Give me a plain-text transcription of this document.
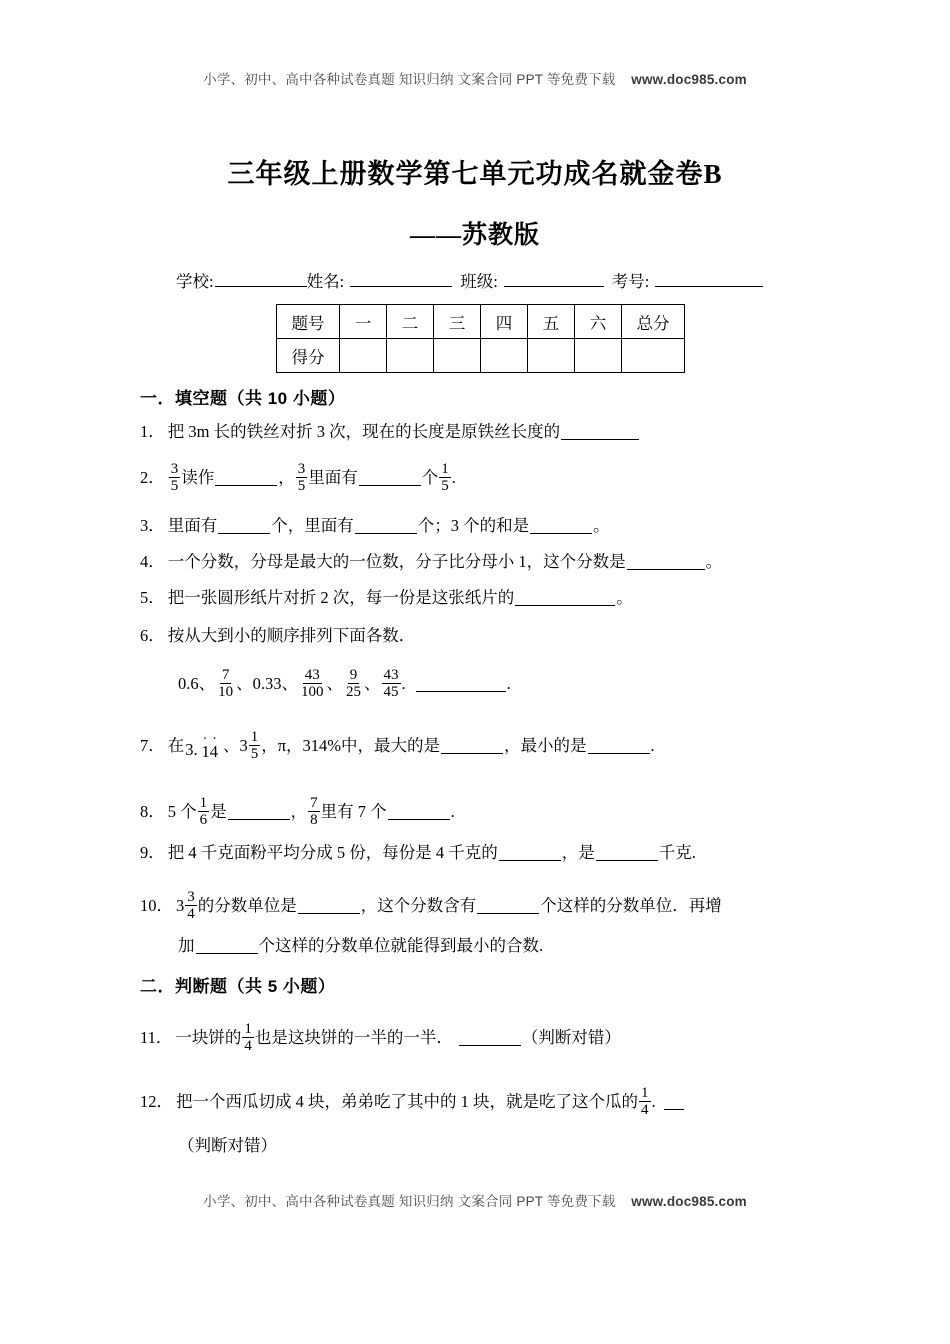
小学、初中、高中各种试卷真题 知识归纳 文案合同 PPT 等免费下载 www.doc985.com
三年级上册数学第七单元功成名就金卷B
——苏教版
学校:	姓名:	班级:	考号:
题号	一	二	三	四	五	六	总分
得分							
一．填空题（共 10 小题）
1． 把 3m 长的铁丝对折 3 次，现在的长度是原铁丝长度的
2． $\frac{3}{5}$ 读作	， $\frac{3}{5}$ 里面有	个 $\frac{1}{5}$ .
3． 里面有	个，里面有	个；3 个的和是	。
4． 一个分数，分母是最大的一位数，分子比分母小 1，这个分数是	。
5． 把一张圆形纸片对折 2 次，每一份是这张纸片的	。
6． 按从大到小的顺序排列下面各数．
0.6 、 $\frac{7}{10}$ 、 0.33 、 $\frac{43}{100}$ 、 $\frac{9}{25}$ 、 $\frac{43}{45}$ .	.
7． 在 3.
··
14 、 $3 \frac{1}{5}$ ，π，314%中，最大的是	，最小的是	.
8． 5 个 $\frac{1}{6}$ 是	， $\frac{7}{8}$ 里有 7 个	.
9． 把 4 千克面粉平均分成 5 份，每份是 4 千克的	，是	千克.
10． $3 \frac{3}{4}$ 的分数单位是	，这个分数含有	个这样的分数单位．再增
加	个这样的分数单位就能得到最小的合数.
二．判断题（共 5 小题）
11． 一块饼的 $\frac{1}{4}$ 也是这块饼的一半的一半．	（判断对错）
12． 把一个西瓜切成 4 块，弟弟吃了其中的 1 块，就是吃了这个瓜的 $\frac{1}{4}$ .
（判断对错）
小学、初中、高中各种试卷真题 知识归纳 文案合同 PPT 等免费下载 www.doc985.com
